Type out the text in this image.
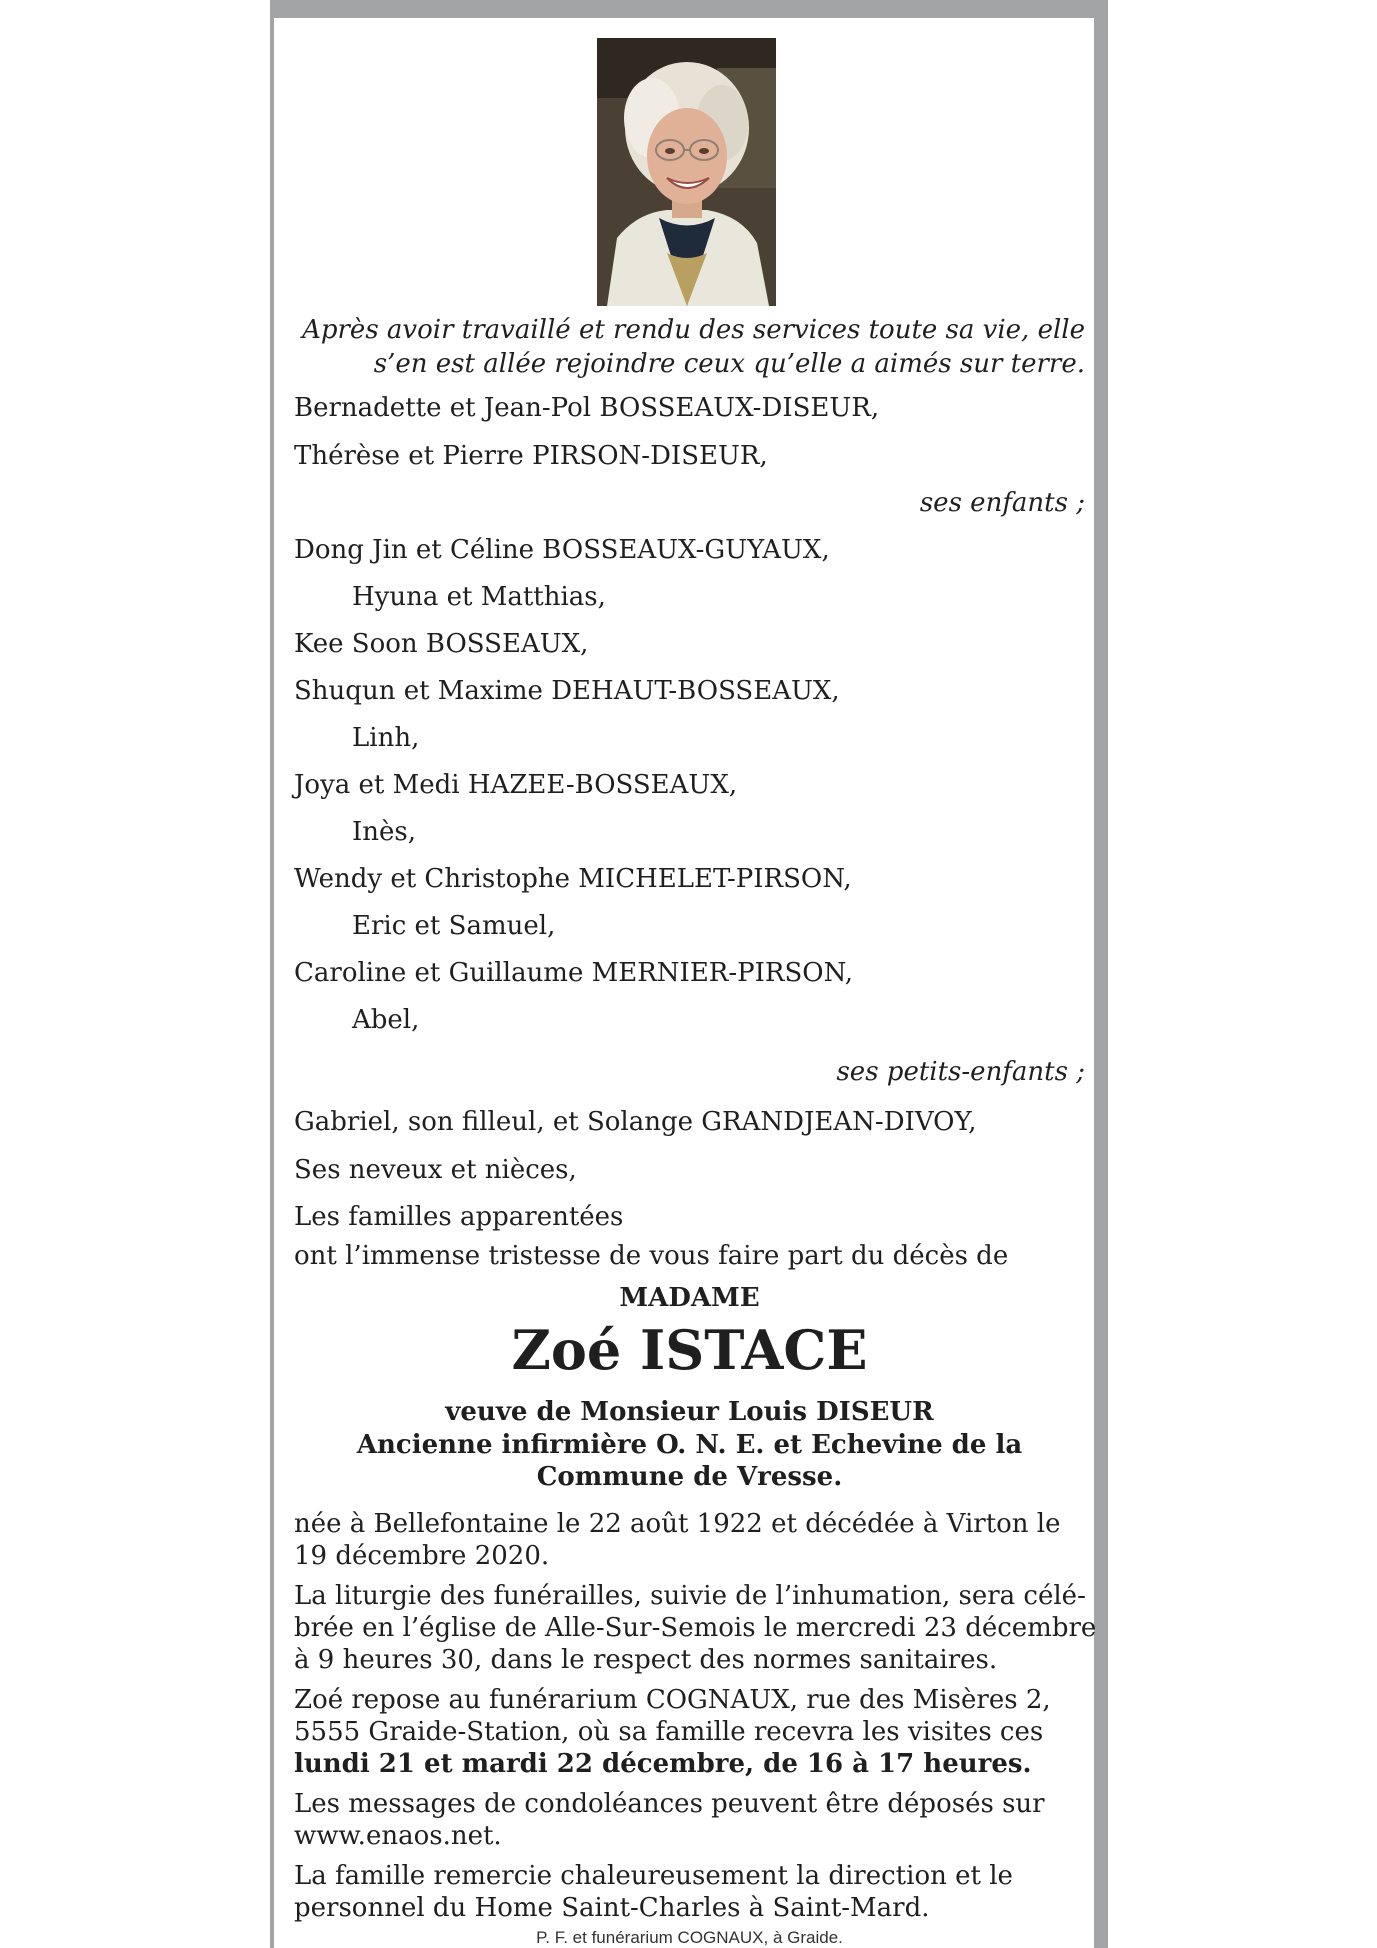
Après avoir travaillé et rendu des services toute sa vie, elle
s’en est allée rejoindre ceux qu’elle a aimés sur terre.
Bernadette et Jean-Pol BOSSEAUX-DISEUR,
Thérèse et Pierre PIRSON-DISEUR,
ses enfants ;
Dong Jin et Céline BOSSEAUX-GUYAUX,
Hyuna et Matthias,
Kee Soon BOSSEAUX,
Shuqun et Maxime DEHAUT-BOSSEAUX,
Linh,
Joya et Medi HAZEE-BOSSEAUX,
Inès,
Wendy et Christophe MICHELET-PIRSON,
Eric et Samuel,
Caroline et Guillaume MERNIER-PIRSON,
Abel,
ses petits-enfants ;
Gabriel, son filleul, et Solange GRANDJEAN-DIVOY,
Ses neveux et nièces,
Les familles apparentées
ont l’immense tristesse de vous faire part du décès de
MADAME
Zoé ISTACE
veuve de Monsieur Louis DISEUR
Ancienne infirmière O. N. E. et Echevine de la
Commune de Vresse.
née à Bellefontaine le 22 août 1922 et décédée à Virton le
19 décembre 2020.
La liturgie des funérailles, suivie de l’inhumation, sera célé-
brée en l’église de Alle-Sur-Semois le mercredi 23 décembre
à 9 heures 30, dans le respect des normes sanitaires.
Zoé repose au funérarium COGNAUX, rue des Misères 2,
5555 Graide-Station, où sa famille recevra les visites ces
lundi 21 et mardi 22 décembre, de 16 à 17 heures.
Les messages de condoléances peuvent être déposés sur
www.enaos.net.
La famille remercie chaleureusement la direction et le
personnel du Home Saint-Charles à Saint-Mard.
P. F. et funérarium COGNAUX, à Graide.
